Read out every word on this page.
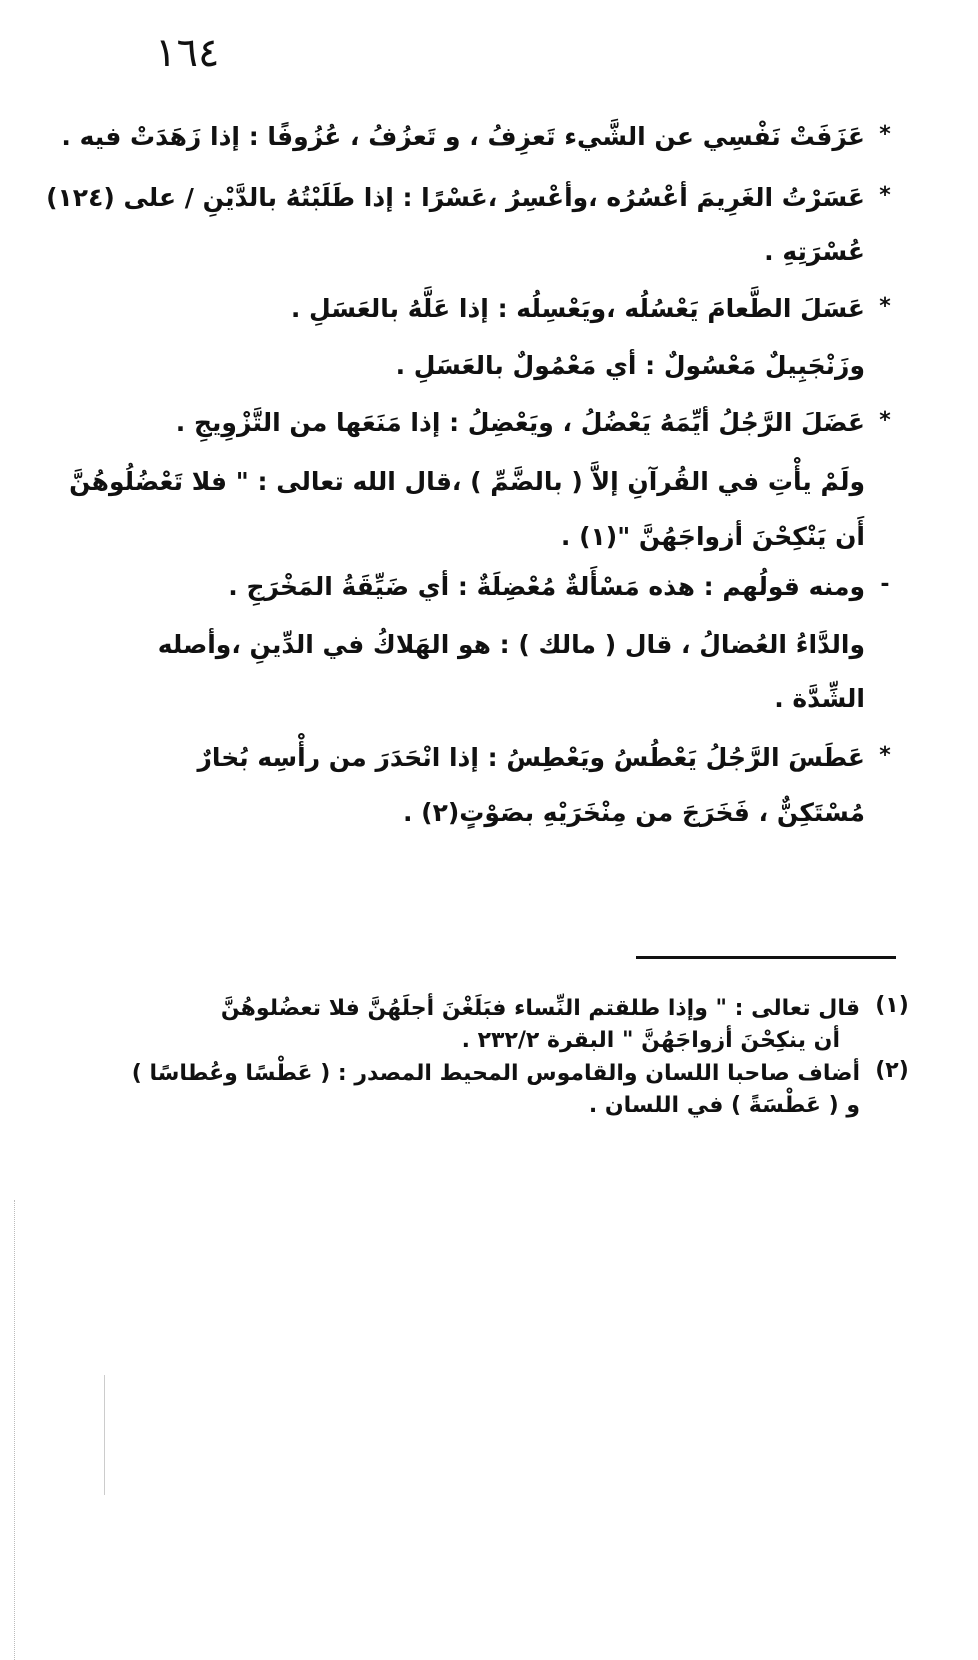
١٦٤
*
عَزَفَتْ نَفْسِي عن الشَّيء تَعزِفُ ، و تَعزُفُ ، عُزُوفًا : إذا زَهَدَتْ فيه .
*
عَسَرْتُ الغَرِيمَ أعْسُرُه ،وأعْسِرُ ،عَسْرًا : إذا طَلَبْتُهُ بالدَّيْنِ / على (١٢٤)
عُسْرَتِهِ .
*
عَسَلَ الطَّعامَ يَعْسُلُه ،ويَعْسِلُه : إذا عَلَّهُ بالعَسَلِ .
وزَنْجَبِيلٌ مَعْسُولٌ : أي مَعْمُولٌ بالعَسَلِ .
*
عَضَلَ الرَّجُلُ أيِّمَهُ يَعْضُلُ ، ويَعْضِلُ : إذا مَنَعَها من التَّزْوِيجِ .
ولَمْ يأْتِ في القُرآنِ إلاَّ ( بالضَّمِّ ) ،قال الله تعالى : " فلا تَعْضُلُوهُنَّ
أَن يَنْكِحْنَ أزواجَهُنَّ "(١) .
-
ومنه قولُهم : هذه مَسْأَلةٌ مُعْضِلَةٌ : أي ضَيِّقَةُ المَخْرَجِ .
والدَّاءُ العُضالُ ، قال ( مالك ) : هو الهَلاكُ في الدِّينِ ،وأصله
الشِّدَّة .
*
عَطَسَ الرَّجُلُ يَعْطُسُ ويَعْطِسُ : إذا انْحَدَرَ من رأْسِه بُخارٌ
مُسْتَكِنٌّ ، فَخَرَجَ من مِنْخَرَيْهِ بصَوْتٍ(٢) .
(١)
قال تعالى : " وإذا طلقتم النِّساء فبَلَغْنَ أجلَهُنَّ فلا تعضُلوهُنَّ
أن ينكِحْنَ أزواجَهُنَّ " البقرة ٢٣٢/٢ .
(٢)
أضاف صاحبا اللسان والقاموس المحيط المصدر : ( عَطْسًا وعُطاسًا )
و ( عَطْسَةً ) في اللسان .
